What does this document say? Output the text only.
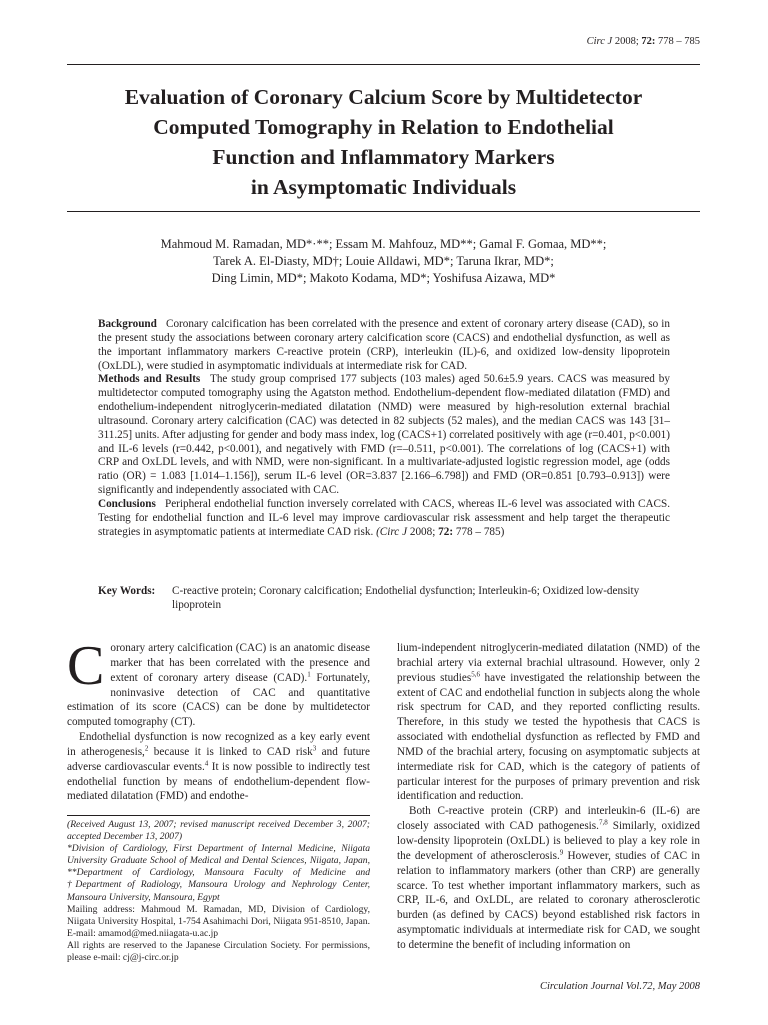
Circ J 2008; 72: 778 – 785
Evaluation of Coronary Calcium Score by Multidetector
Computed Tomography in Relation to Endothelial
Function and Inflammatory Markers
in Asymptomatic Individuals
Mahmoud M. Ramadan, MD*·**; Essam M. Mahfouz, MD**; Gamal F. Gomaa, MD**;
Tarek A. El-Diasty, MD†; Louie Alldawi, MD*; Taruna Ikrar, MD*;
Ding Limin, MD*; Makoto Kodama, MD*; Yoshifusa Aizawa, MD*

Background Coronary calcification has been correlated with the presence and extent of coronary artery disease (CAD), so in the present study the associations between coronary artery calcification score (CACS) and endothelial dysfunction, as well as the important inflammatory markers C-reactive protein (CRP), interleukin (IL)-6, and oxidized low-density lipoprotein (OxLDL), were studied in asymptomatic individuals at intermediate risk for CAD.

Methods and Results The study group comprised 177 subjects (103 males) aged 50.6±5.9 years. CACS was measured by multidetector computed tomography using the Agatston method. Endothelium-dependent flow-mediated dilatation (FMD) and endothelium-independent nitroglycerin-mediated dilatation (NMD) were measured by high-resolution external brachial ultrasound. Coronary artery calcification (CAC) was detected in 82 subjects (52 males), and the median CACS was 143 [31–311.25] units. After adjusting for gender and body mass index, log (CACS+1) correlated positively with age (r=0.401, p<0.001) and IL-6 levels (r=0.442, p<0.001), and negatively with FMD (r=–0.511, p<0.001). The correlations of log (CACS+1) with CRP and OxLDL levels, and with NMD, were non-significant. In a multivariate-adjusted logistic regression model, age (odds ratio (OR) = 1.083 [1.014–1.156]), serum IL-6 level (OR=3.837 [2.166–6.798]) and FMD (OR=0.851 [0.793–0.913]) were significantly and independently associated with CAC.

Conclusions Peripheral endothelial function inversely correlated with CACS, whereas IL-6 level was associated with CACS. Testing for endothelial function and IL-6 level may improve cardiovascular risk assessment and help target the therapeutic strategies in asymptomatic patients at intermediate CAD risk. (Circ J 2008; 72: 778 – 785)

Key Words:	C-reactive protein; Coronary calcification; Endothelial dysfunction; Interleukin-6; Oxidized low-density lipoprotein

Coronary artery calcification (CAC) is an anatomic disease marker that has been correlated with the presence and extent of coronary artery disease (CAD).$^1$ Fortunately, noninvasive detection of CAC and quantitative estimation of its score (CACS) can be done by multidetector computed tomography (CT).

Endothelial dysfunction is now recognized as a key early event in atherogenesis,$^2$ because it is linked to CAD risk$^3$ and future adverse cardiovascular events.$^4$ It is now possible to indirectly test endothelial function by means of endothelium-dependent flow-mediated dilatation (FMD) and endothe-

lium-independent nitroglycerin-mediated dilatation (NMD) of the brachial artery via external brachial ultrasound. However, only 2 previous studies$^{5,6}$ have investigated the relationship between the extent of CAC and endothelial function in subjects along the whole risk spectrum for CAD, and they reported conflicting results. Therefore, in this study we tested the hypothesis that CACS is associated with endothelial dysfunction as reflected by FMD and NMD of the brachial artery, focusing on asymptomatic subjects at intermediate risk for CAD, which is the category of patients of particular interest for the purposes of primary prevention and risk identification and reduction.

Both C-reactive protein (CRP) and interleukin-6 (IL-6) are closely associated with CAD pathogenesis.$^{7,8}$ Similarly, oxidized low-density lipoprotein (OxLDL) is believed to play a key role in the development of atherosclerosis.$^9$ However, studies of CAC in relation to inflammatory markers (other than CRP) are generally scarce. To test whether important inflammatory markers, such as CRP, IL-6, and OxLDL, are related to coronary atherosclerotic burden (as defined by CACS) beyond established risk factors in asymptomatic individuals at intermediate risk for CAD, we sought to determine the benefit of including information on

(Received August 13, 2007; revised manuscript received December 3, 2007; accepted December 13, 2007)

*Division of Cardiology, First Department of Internal Medicine, Niigata University Graduate School of Medical and Dental Sciences, Niigata, Japan, **Department of Cardiology, Mansoura Faculty of Medicine and †Department of Radiology, Mansoura Urology and Nephrology Center, Mansoura University, Mansoura, Egypt

Mailing address: Mahmoud M. Ramadan, MD, Division of Cardiology, Niigata University Hospital, 1-754 Asahimachi Dori, Niigata 951-8510, Japan. E-mail: amamod@med.niiagata-u.ac.jp

All rights are reserved to the Japanese Circulation Society. For permissions, please e-mail: cj@j-circ.or.jp

Circulation Journal Vol.72, May 2008
